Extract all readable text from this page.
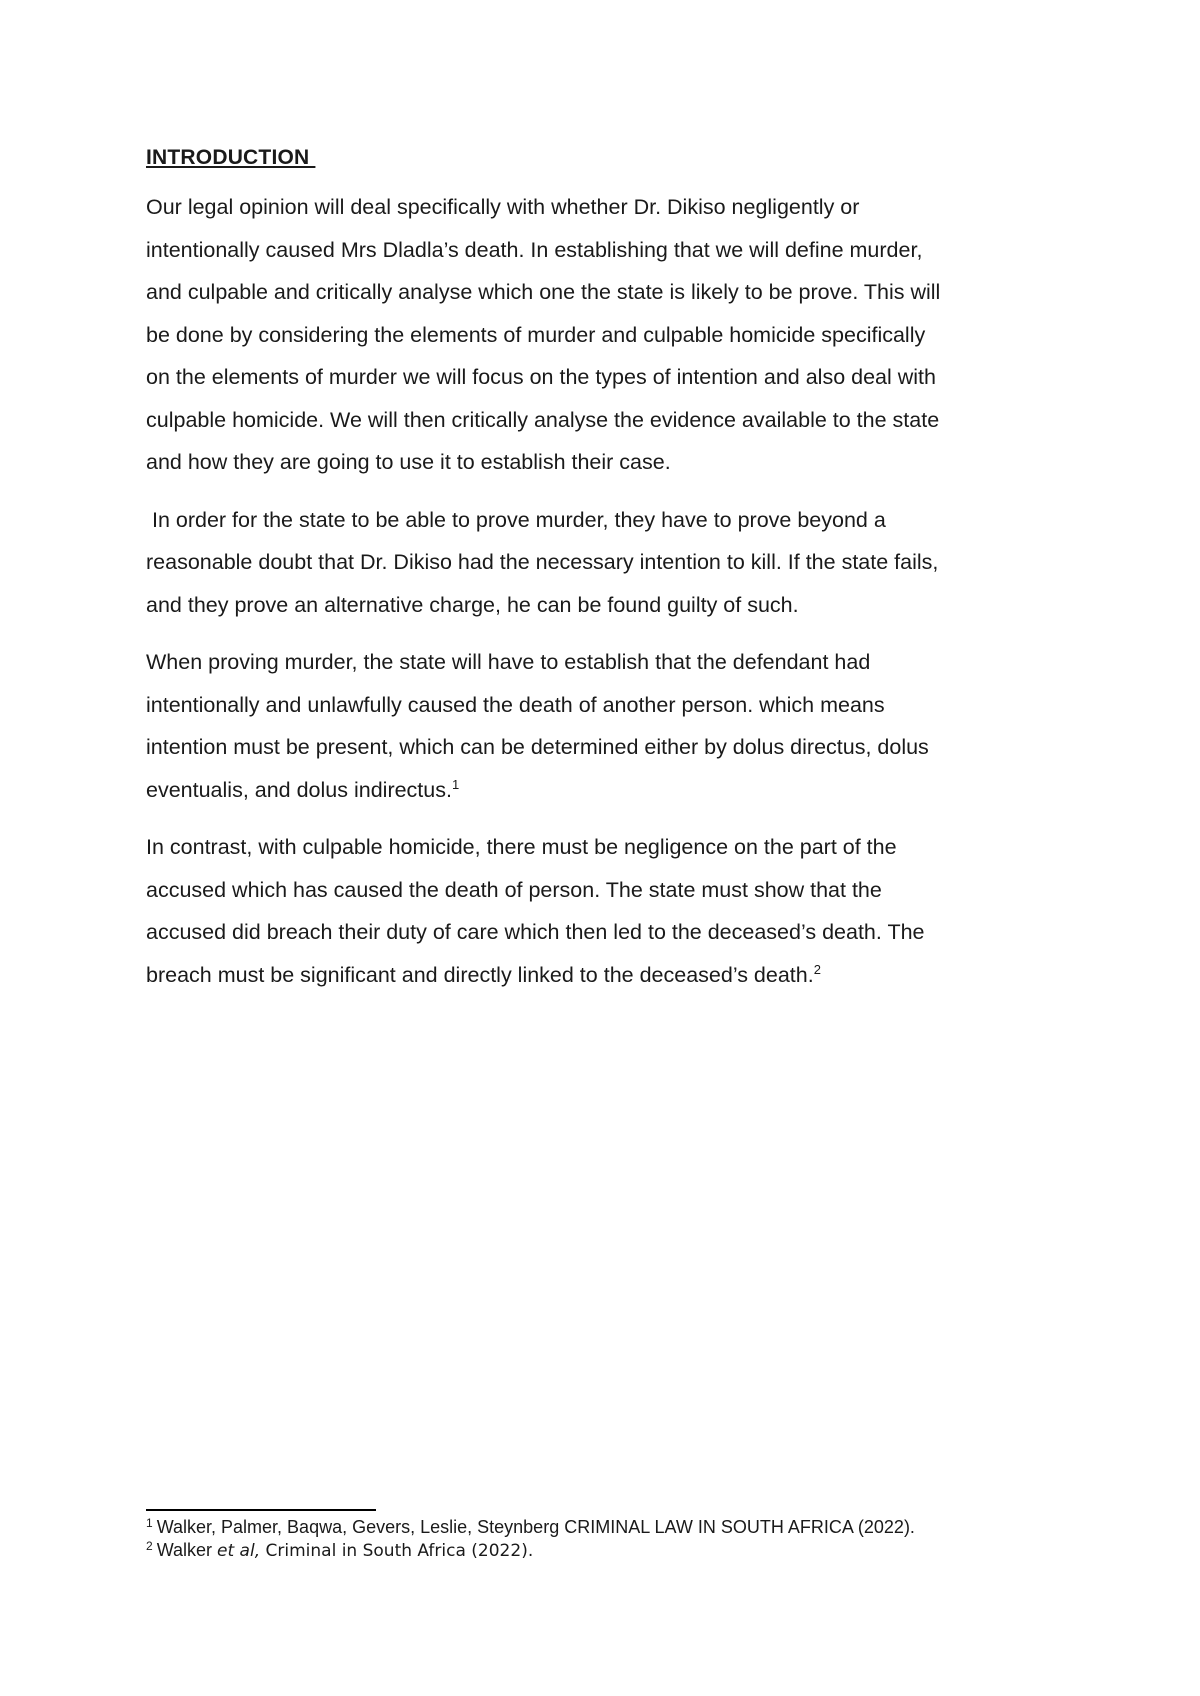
INTRODUCTION

Our legal opinion will deal specifically with whether Dr. Dikiso negligently or
intentionally caused Mrs Dladla’s death. In establishing that we will define murder,
and culpable and critically analyse which one the state is likely to be prove. This will
be done by considering the elements of murder and culpable homicide specifically
on the elements of murder we will focus on the types of intention and also deal with
culpable homicide. We will then critically analyse the evidence available to the state
and how they are going to use it to establish their case.

In order for the state to be able to prove murder, they have to prove beyond a
reasonable doubt that Dr. Dikiso had the necessary intention to kill. If the state fails,
and they prove an alternative charge, he can be found guilty of such.

When proving murder, the state will have to establish that the defendant had
intentionally and unlawfully caused the death of another person. which means
intention must be present, which can be determined either by dolus directus, dolus
eventualis, and dolus indirectus.$^1$

In contrast, with culpable homicide, there must be negligence on the part of the
accused which has caused the death of person. The state must show that the
accused did breach their duty of care which then led to the deceased’s death. The
breach must be significant and directly linked to the deceased’s death.$^2$

$^1$ Walker, Palmer, Baqwa, Gevers, Leslie, Steynberg CRIMINAL LAW IN SOUTH AFRICA (2022).
$^2$ Walker et al, Criminal in South Africa (2022).
